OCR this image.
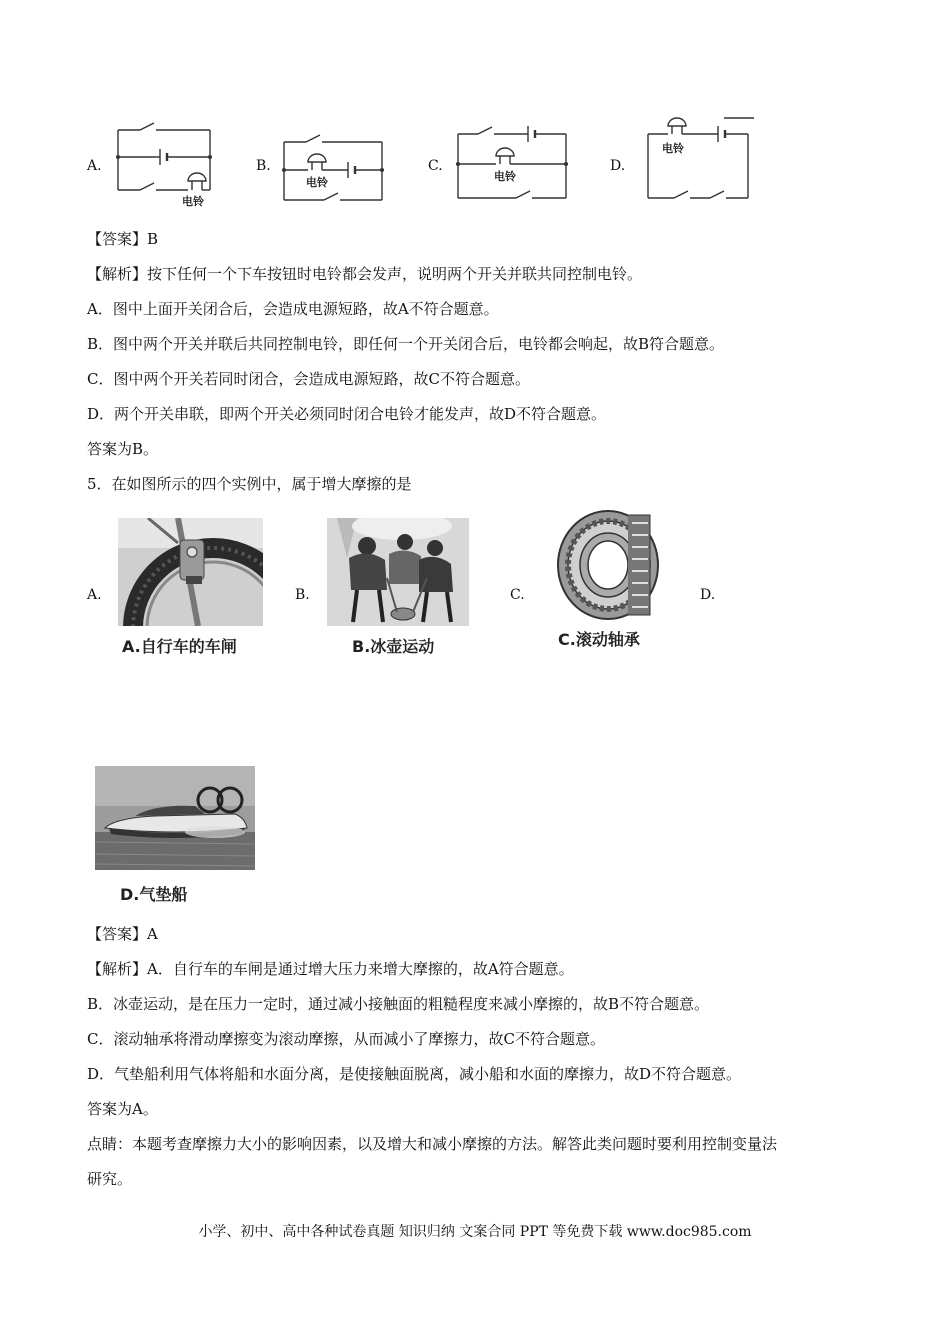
A.	B.	C.	D.
电铃
电铃	电铃
电铃
【答案】B
【解析】按下任何一个下车按钮时电铃都会发声，说明两个开关并联共同控制电铃。
A．图中上面开关闭合后，会造成电源短路，故A不符合题意。
B．图中两个开关并联后共同控制电铃，即任何一个开关闭合后，电铃都会响起，故B符合题意。
C．图中两个开关若同时闭合，会造成电源短路，故C不符合题意。
D．两个开关串联，即两个开关必须同时闭合电铃才能发声，故D不符合题意。
答案为B。
5．在如图所示的四个实例中，属于增大摩擦的是
A.	B.	C.	D.
A.自行车的车闸	B.冰壶运动	C.滚动轴承
D.气垫船
【答案】A
【解析】A．自行车的车闸是通过增大压力来增大摩擦的，故A符合题意。
B．冰壶运动，是在压力一定时，通过减小接触面的粗糙程度来减小摩擦的，故B不符合题意。
C．滚动轴承将滑动摩擦变为滚动摩擦，从而减小了摩擦力，故C不符合题意。
D．气垫船利用气体将船和水面分离，是使接触面脱离，减小船和水面的摩擦力，故D不符合题意。
答案为A。
点睛：本题考查摩擦力大小的影响因素，以及增大和减小摩擦的方法。解答此类问题时要利用控制变量法
研究。
小学、初中、高中各种试卷真题 知识归纳 文案合同 PPT 等免费下载 www.doc985.com
